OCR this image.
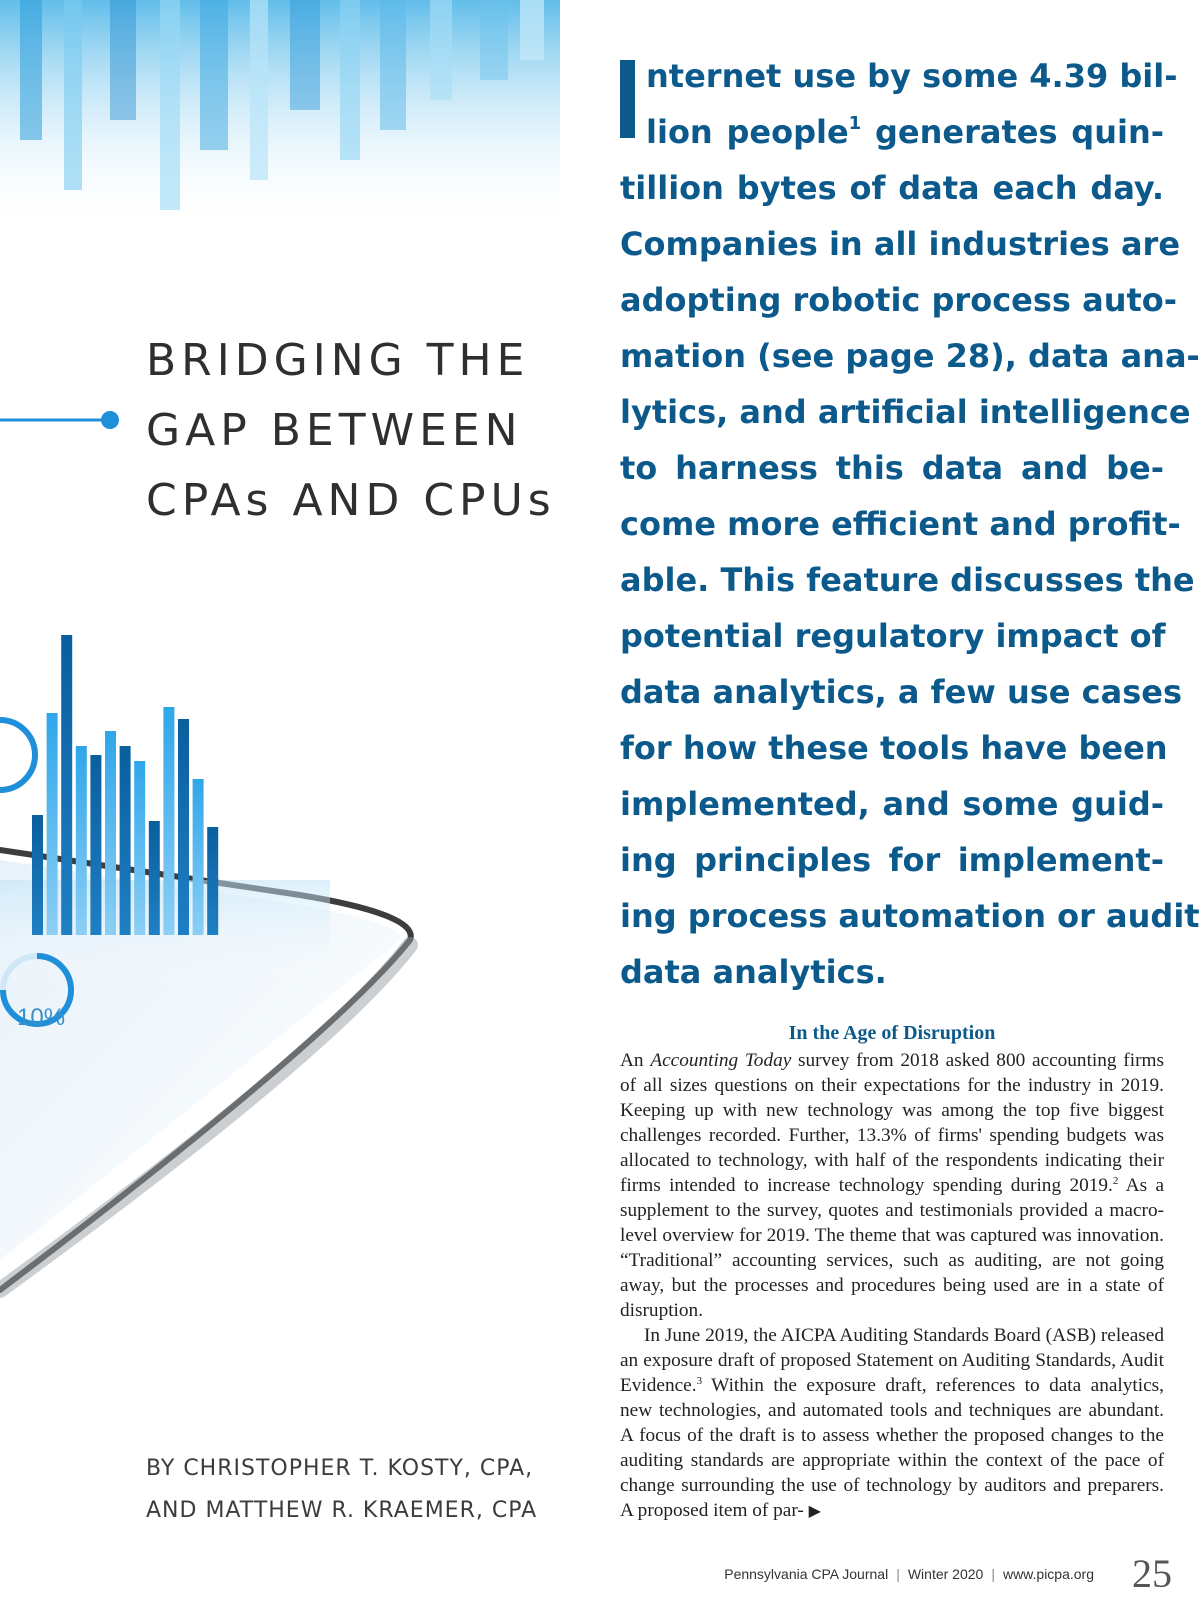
10%
BRIDGING THE
GAP BETWEEN
CPAs AND CPUs

nternet use by some 4.39 bil-
lion people$^1$ generates quin-
tillion bytes of data each day.
Companies in all industries are
adopting robotic process auto-
mation (see page 28), data ana-
lytics, and artificial intelligence
to harness this data and be-
come more efficient and profit-
able. This feature discusses the
potential regulatory impact of
data analytics, a few use cases
for how these tools have been
implemented, and some guid-
ing principles for implement-
ing process automation or audit
data analytics.

In the Age of Disruption

An Accounting Today survey from 2018 asked 800 accounting firms of all sizes questions on their expectations for the industry in 2019. Keeping up with new technology was among the top five biggest challenges recorded. Further, 13.3% of firms' spending budgets was allocated to technology, with half of the respondents indicating their firms intended to increase technology spending during 2019.$^2$ As a supplement to the survey, quotes and testimonials provided a macro-level overview for 2019. The theme that was captured was innovation. “Traditional” accounting services, such as auditing, are not going away, but the processes and procedures being used are in a state of disruption.

In June 2019, the AICPA Auditing Standards Board (ASB) released an exposure draft of proposed Statement on Auditing Standards, Audit Evidence.$^3$ Within the exposure draft, references to data analytics, new technologies, and automated tools and techniques are abundant. A focus of the draft is to assess whether the proposed changes to the auditing standards are appropriate within the context of the pace of change surrounding the use of technology by auditors and preparers. A proposed item of par- ▶

BY CHRISTOPHER T. KOSTY, CPA,
AND MATTHEW R. KRAEMER, CPA
Pennsylvania CPA Journal | Winter 2020 | www.picpa.org 25
